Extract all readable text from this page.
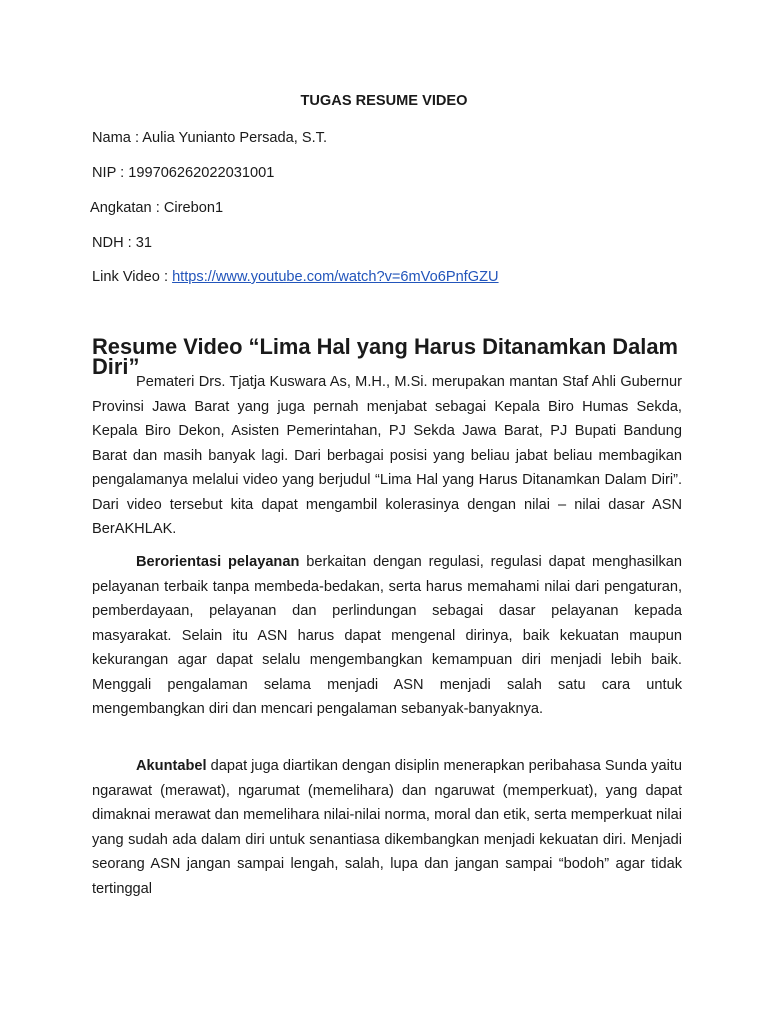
TUGAS RESUME VIDEO

Nama : Aulia Yunianto Persada, S.T.

NIP : 199706262022031001

Angkatan : Cirebon1

NDH : 31

Link Video : https://www.youtube.com/watch?v=6mVo6PnfGZU

Resume Video “Lima Hal yang Harus Ditanamkan Dalam Diri”

Pemateri Drs. Tjatja Kuswara As, M.H., M.Si. merupakan mantan Staf Ahli Gubernur Provinsi Jawa Barat yang juga pernah menjabat sebagai Kepala Biro Humas Sekda, Kepala Biro Dekon, Asisten Pemerintahan, PJ Sekda Jawa Barat, PJ Bupati Bandung Barat dan masih banyak lagi. Dari berbagai posisi yang beliau jabat beliau membagikan pengalamanya melalui video yang berjudul “Lima Hal yang Harus Ditanamkan Dalam Diri”. Dari video tersebut kita dapat mengambil kolerasinya dengan nilai – nilai dasar ASN BerAKHLAK.

Berorientasi pelayanan berkaitan dengan regulasi, regulasi dapat menghasilkan pelayanan terbaik tanpa membeda-bedakan, serta harus memahami nilai dari pengaturan, pemberdayaan, pelayanan dan perlindungan sebagai dasar pelayanan kepada masyarakat. Selain itu ASN harus dapat mengenal dirinya, baik kekuatan maupun kekurangan agar dapat selalu mengembangkan kemampuan diri menjadi lebih baik. Menggali pengalaman selama menjadi ASN menjadi salah satu cara untuk mengembangkan diri dan mencari pengalaman sebanyak-banyaknya.

Akuntabel dapat juga diartikan dengan disiplin menerapkan peribahasa Sunda yaitu ngarawat (merawat), ngarumat (memelihara) dan ngaruwat (memperkuat), yang dapat dimaknai merawat dan memelihara nilai-nilai norma, moral dan etik, serta memperkuat nilai yang sudah ada dalam diri untuk senantiasa dikembangkan menjadi kekuatan diri. Menjadi seorang ASN jangan sampai lengah, salah, lupa dan jangan sampai “bodoh” agar tidak tertinggal
